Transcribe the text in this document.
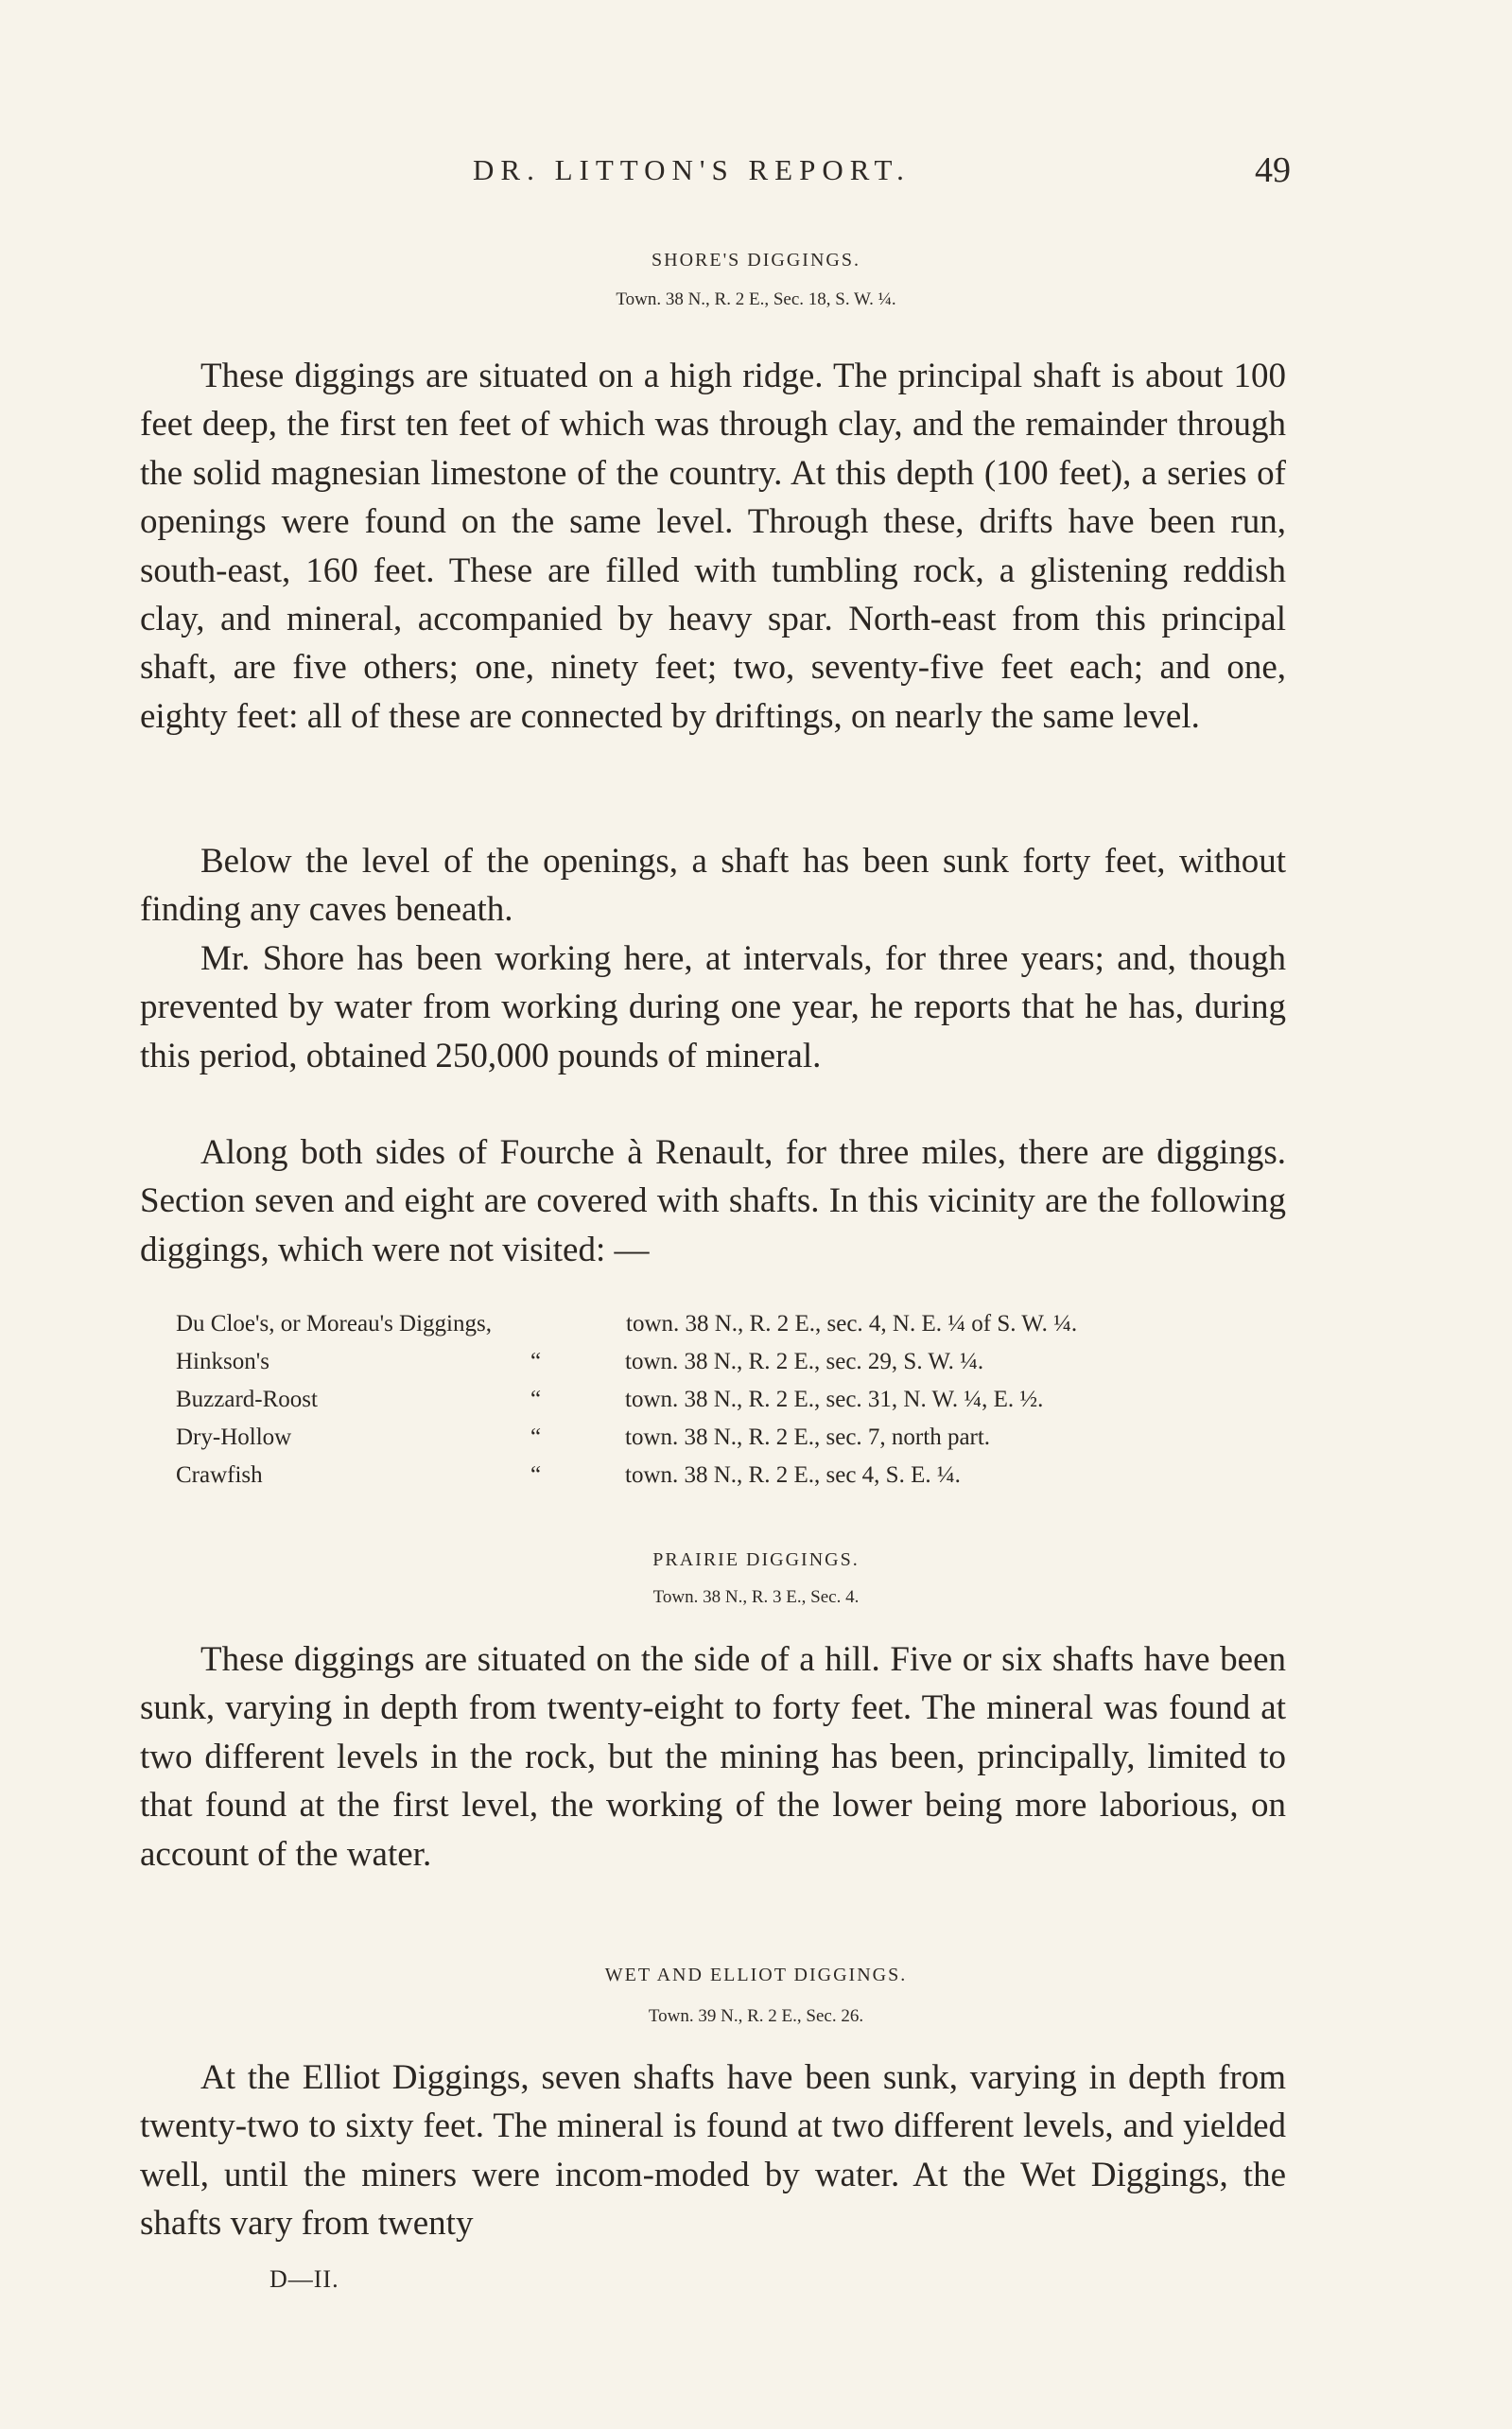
DR. LITTON'S REPORT.	49
SHORE'S DIGGINGS.
Town. 38 N., R. 2 E., Sec. 18, S. W. ¼.

These diggings are situated on a high ridge. The principal shaft is about 100 feet deep, the first ten feet of which was through clay, and the remainder through the solid magnesian limestone of the country. At this depth (100 feet), a series of openings were found on the same level. Through these, drifts have been run, south-east, 160 feet. These are filled with tumbling rock, a glistening reddish clay, and mineral, accompanied by heavy spar. North-east from this principal shaft, are five others; one, ninety feet; two, seventy-five feet each; and one, eighty feet: all of these are connected by driftings, on nearly the same level.

Below the level of the openings, a shaft has been sunk forty feet, without finding any caves beneath.

Mr. Shore has been working here, at intervals, for three years; and, though prevented by water from working during one year, he reports that he has, during this period, obtained 250,000 pounds of mineral.

Along both sides of Fourche à Renault, for three miles, there are diggings. Section seven and eight are covered with shafts. In this vicinity are the following diggings, which were not visited: —

Du Cloe's, or Moreau's Diggings,	town. 38 N., R. 2 E., sec. 4, N. E. ¼ of S. W. ¼.
Hinkson's	“	town. 38 N., R. 2 E., sec. 29, S. W. ¼.
Buzzard-Roost	“	town. 38 N., R. 2 E., sec. 31, N. W. ¼, E. ½.
Dry-Hollow	“	town. 38 N., R. 2 E., sec. 7, north part.
Crawfish	“	town. 38 N., R. 2 E., sec 4, S. E. ¼.
PRAIRIE DIGGINGS.
Town. 38 N., R. 3 E., Sec. 4.

These diggings are situated on the side of a hill. Five or six shafts have been sunk, varying in depth from twenty-eight to forty feet. The mineral was found at two different levels in the rock, but the mining has been, principally, limited to that found at the first level, the working of the lower being more laborious, on account of the water.

WET AND ELLIOT DIGGINGS.
Town. 39 N., R. 2 E., Sec. 26.

At the Elliot Diggings, seven shafts have been sunk, varying in depth from twenty-two to sixty feet. The mineral is found at two different levels, and yielded well, until the miners were incom-moded by water. At the Wet Diggings, the shafts vary from twenty

D—II.
